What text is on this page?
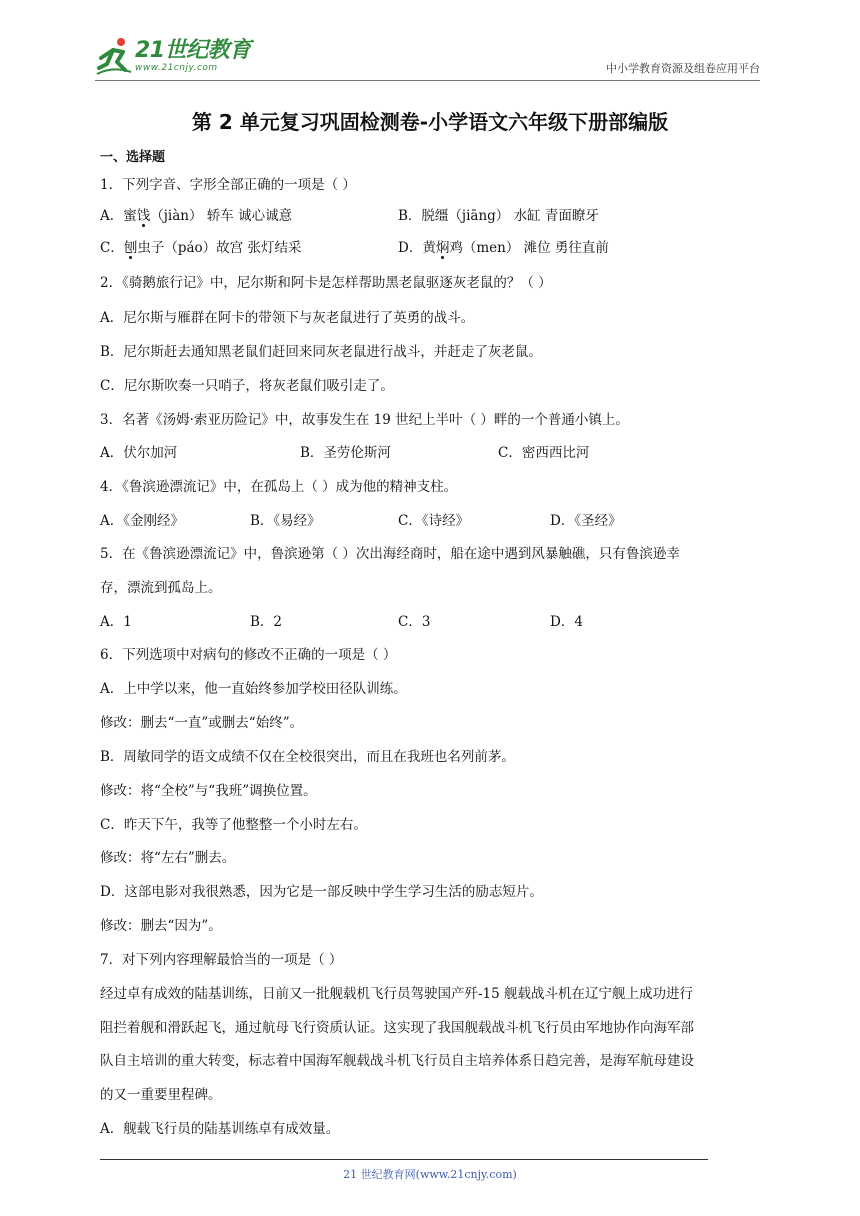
21世纪教育
www.21cnjy.com	中小学教育资源及组卷应用平台
第 2 单元复习巩固检测卷-小学语文六年级下册部编版
一、选择题
1．下列字音、字形全部正确的一项是（ ）
A．蜜饯（jiàn） 轿车 诚心诚意	B．脱缰（jiāng） 水缸 青面瞭牙
C．刨虫子（páo）故宫 张灯结采	D．黄焖鸡（men） 滩位 勇往直前
2．《骑鹅旅行记》中，尼尔斯和阿卡是怎样帮助黑老鼠驱逐灰老鼠的？（ ）
A．尼尔斯与雁群在阿卡的带领下与灰老鼠进行了英勇的战斗。
B．尼尔斯赶去通知黑老鼠们赶回来同灰老鼠进行战斗，并赶走了灰老鼠。
C．尼尔斯吹奏一只哨子，将灰老鼠们吸引走了。
3．名著《汤姆·索亚历险记》中，故事发生在 19 世纪上半叶（ ）畔的一个普通小镇上。
A．伏尔加河	B．圣劳伦斯河	C．密西西比河
4．《鲁滨逊漂流记》中，在孤岛上（ ）成为他的精神支柱。
A．《金刚经》	B．《易经》	C．《诗经》	D．《圣经》
5．在《鲁滨逊漂流记》中，鲁滨逊第（ ）次出海经商时，船在途中遇到风暴触礁，只有鲁滨逊幸
存，漂流到孤岛上。
A．1	B．2	C．3	D．4
6．下列选项中对病句的修改不正确的一项是（ ）
A．上中学以来，他一直始终参加学校田径队训练。
修改：删去“一直”或删去“始终”。
B．周敏同学的语文成绩不仅在全校很突出，而且在我班也名列前茅。
修改：将“全校”与“我班”调换位置。
C．昨天下午，我等了他整整一个小时左右。
修改：将“左右”删去。
D．这部电影对我很熟悉，因为它是一部反映中学生学习生活的励志短片。
修改：删去“因为”。
7．对下列内容理解最恰当的一项是（ ）
经过卓有成效的陆基训练，日前又一批舰载机飞行员驾驶国产歼-15 舰载战斗机在辽宁舰上成功进行
阻拦着舰和滑跃起飞，通过航母飞行资质认证。这实现了我国舰载战斗机飞行员由军地协作向海军部
队自主培训的重大转变，标志着中国海军舰载战斗机飞行员自主培养体系日趋完善，是海军航母建设
的又一重要里程碑。
A．舰载飞行员的陆基训练卓有成效量。
21 世纪教育网(www.21cnjy.com)
